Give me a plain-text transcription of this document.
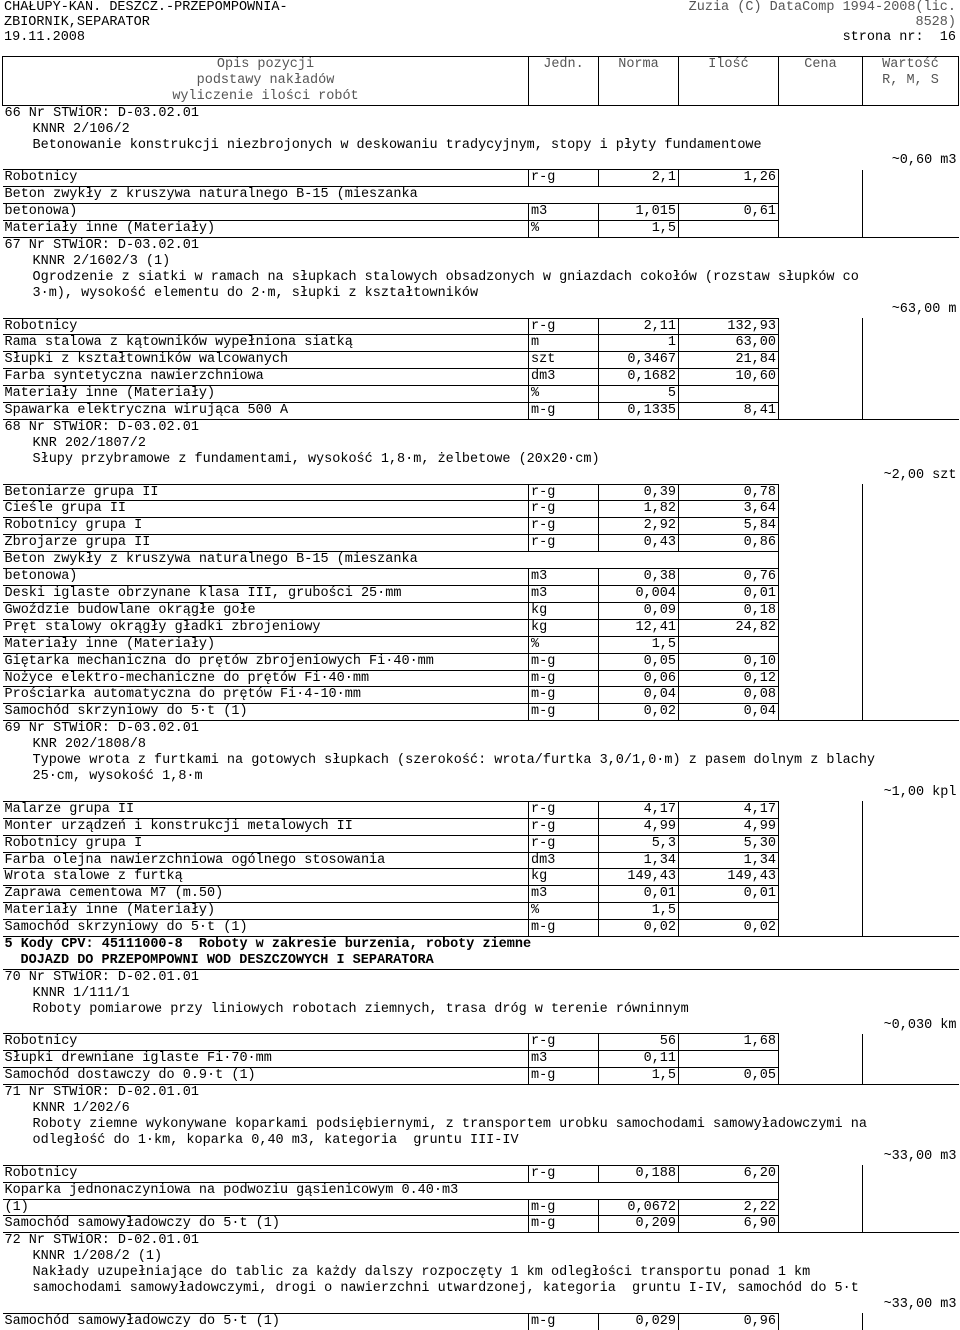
CHAŁUPY-KAN. DESZCZ.-PRZEPOMPOWNIA-
ZBIORNIK,SEPARATOR
19.11.2008
Zuzia (C) DataComp 1994-2008(lic.
8528)
strona nr:  16
Opis pozycji
podstawy nakładów
wyliczenie ilości robót	Jedn.	Norma	Ilość	Cena	Wartość
R, M, S
66 Nr STWiOR: D-03.02.01					
KNNR 2/106/2					
Betonowanie konstrukcji niezbrojonych w deskowaniu tradycyjnym, stopy i płyty fundamentowe					
~0,60 m3					
Robotnicy	r-g	2,1	1,26		
Beton zwykły z kruszywa naturalnego B-15 (mieszanka					
betonowa)	m3	1,015	0,61		
Materiały inne (Materiały)	%	1,5			
67 Nr STWiOR: D-03.02.01					
KNNR 2/1602/3 (1)					
Ogrodzenie z siatki w ramach na słupkach stalowych obsadzonych w gniazdach cokołów (rozstaw słupków co					
3·m), wysokość elementu do 2·m, słupki z kształtowników					
~63,00 m					
Robotnicy	r-g	2,11	132,93		
Rama stalowa z kątowników wypełniona siatką	m	1	63,00		
Słupki z kształtowników walcowanych	szt	0,3467	21,84		
Farba syntetyczna nawierzchniowa	dm3	0,1682	10,60		
Materiały inne (Materiały)	%	5			
Spawarka elektryczna wirująca 500 A	m-g	0,1335	8,41		
68 Nr STWiOR: D-03.02.01					
KNR 202/1807/2					
Słupy przybramowe z fundamentami, wysokość 1,8·m, żelbetowe (20x20·cm)					
~2,00 szt					
Betoniarze grupa II	r-g	0,39	0,78		
Cieśle grupa II	r-g	1,82	3,64		
Robotnicy grupa I	r-g	2,92	5,84		
Zbrojarze grupa II	r-g	0,43	0,86		
Beton zwykły z kruszywa naturalnego B-15 (mieszanka					
betonowa)	m3	0,38	0,76		
Deski iglaste obrzynane klasa III, grubości 25·mm	m3	0,004	0,01		
Gwoździe budowlane okrągłe gołe	kg	0,09	0,18		
Pręt stalowy okrągły gładki zbrojeniowy	kg	12,41	24,82		
Materiały inne (Materiały)	%	1,5			
Giętarka mechaniczna do prętów zbrojeniowych Fi·40·mm	m-g	0,05	0,10		
Nożyce elektro-mechaniczne do prętów Fi·40·mm	m-g	0,06	0,12		
Prościarka automatyczna do prętów Fi·4-10·mm	m-g	0,04	0,08		
Samochód skrzyniowy do 5·t (1)	m-g	0,02	0,04		
69 Nr STWiOR: D-03.02.01					
KNR 202/1808/8					
Typowe wrota z furtkami na gotowych słupkach (szerokość: wrota/furtka 3,0/1,0·m) z pasem dolnym z blachy					
25·cm, wysokość 1,8·m					
~1,00 kpl					
Malarze grupa II	r-g	4,17	4,17		
Monter urządzeń i konstrukcji metalowych II	r-g	4,99	4,99		
Robotnicy grupa I	r-g	5,3	5,30		
Farba olejna nawierzchniowa ogólnego stosowania	dm3	1,34	1,34		
Wrota stalowe z furtką	kg	149,43	149,43		
Zaprawa cementowa M7 (m.50)	m3	0,01	0,01		
Materiały inne (Materiały)	%	1,5			
Samochód skrzyniowy do 5·t (1)	m-g	0,02	0,02		
5 Kody CPV: 45111000-8  Roboty w zakresie burzenia, roboty ziemne					
DOJAZD DO PRZEPOMPOWNI WÓD DESZCZOWYCH I SEPARATORA					
70 Nr STWiOR: D-02.01.01					
KNNR 1/111/1					
Roboty pomiarowe przy liniowych robotach ziemnych, trasa dróg w terenie równinnym					
~0,030 km					
Robotnicy	r-g	56	1,68		
Słupki drewniane iglaste Fi·70·mm	m3	0,11			
Samochód dostawczy do 0.9·t (1)	m-g	1,5	0,05		
71 Nr STWiOR: D-02.01.01					
KNNR 1/202/6					
Roboty ziemne wykonywane koparkami podsiębiernymi, z transportem urobku samochodami samowyładowczymi na					
odległość do 1·km, koparka 0,40 m3, kategoria  gruntu III-IV					
~33,00 m3					
Robotnicy	r-g	0,188	6,20		
Koparka jednonaczyniowa na podwoziu gąsienicowym 0.40·m3					
(1)	m-g	0,0672	2,22		
Samochód samowyładowczy do 5·t (1)	m-g	0,209	6,90		
72 Nr STWiOR: D-02.01.01					
KNNR 1/208/2 (1)					
Nakłady uzupełniające do tablic za każdy dalszy rozpoczęty 1 km odległości transportu ponad 1 km					
samochodami samowyładowczymi, drogi o nawierzchni utwardzonej, kategoria  gruntu I-IV, samochód do 5·t					
~33,00 m3					
Samochód samowyładowczy do 5·t (1)	m-g	0,029	0,96		
